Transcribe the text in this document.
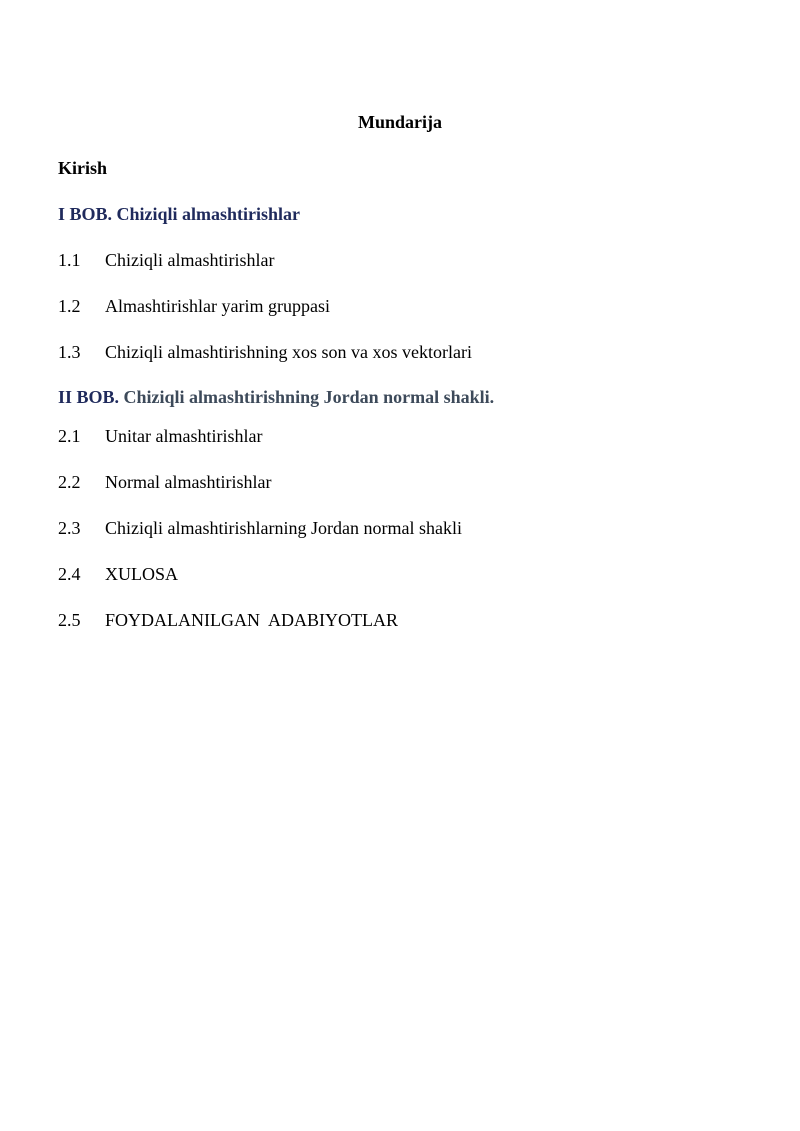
Mundarija
Kirish
I BOB. Chiziqli almashtirishlar
1.1 Chiziqli almashtirishlar
1.2 Almashtirishlar yarim gruppasi
1.3 Chiziqli almashtirishning xos son va xos vektorlari
II BOB. Chiziqli almashtirishning Jordan normal shakli.
2.1 Unitar almashtirishlar
2.2 Normal almashtirishlar
2.3 Chiziqli almashtirishlarning Jordan normal shakli
2.4 XULOSA
2.5 FOYDALANILGAN  ADABIYOTLAR
